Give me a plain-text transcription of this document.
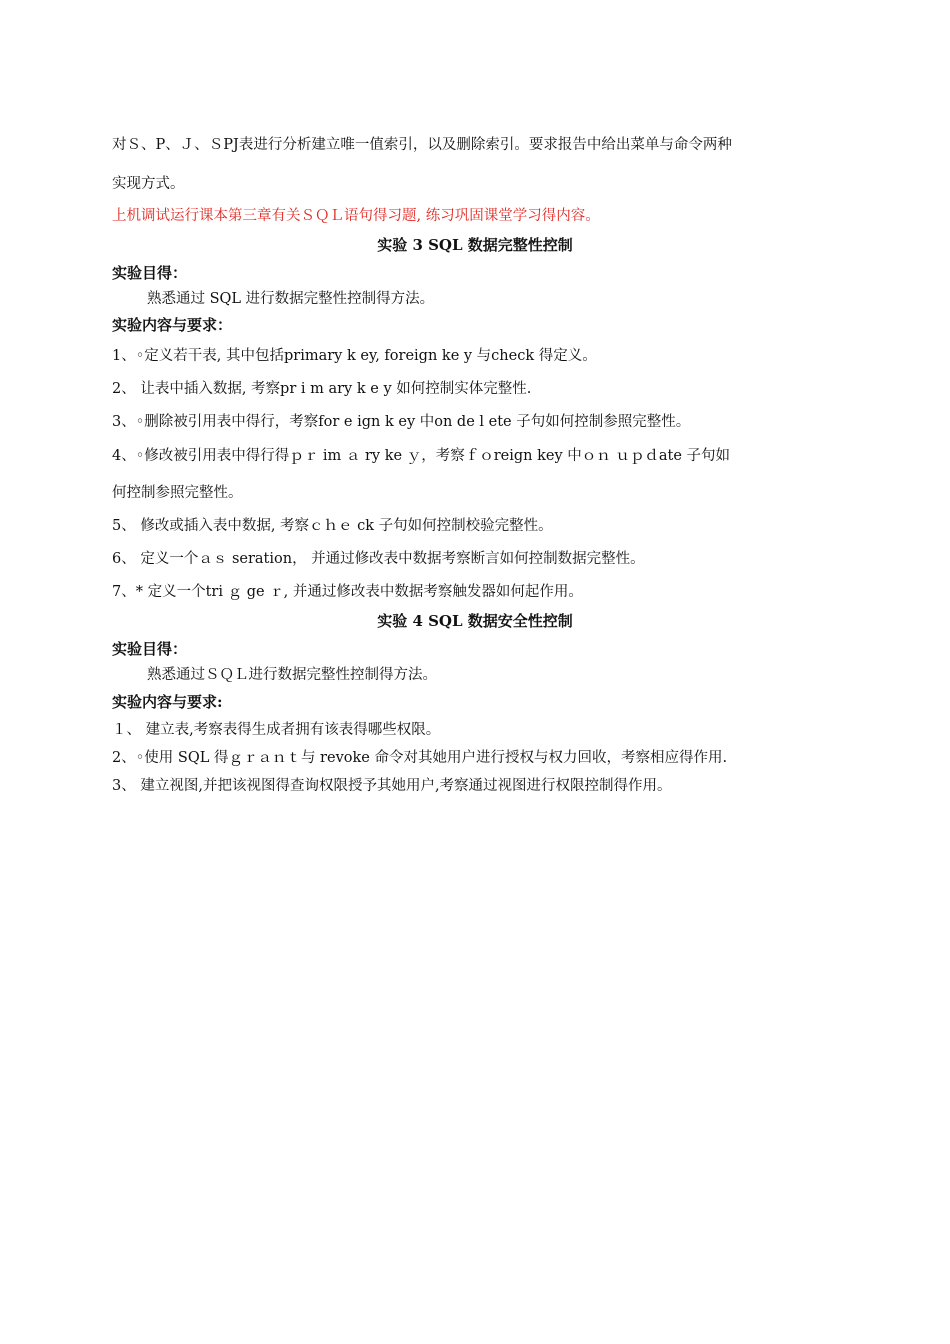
对Ｓ、P、Ｊ、ＳPJ表进行分析建立唯一值索引，以及删除索引。要求报告中给出菜单与命令两种
实现方式。
上机调试运行课本第三章有关ＳＱＬ语句得习题, 练习巩固课堂学习得内容。
实验 3 SQL 数据完整性控制
实验目得：
熟悉通过 SQL 进行数据完整性控制得方法。
实验内容与要求：
1、◦定义若干表, 其中包括primary k ey, foreign ke y 与check 得定义。
2、 让表中插入数据, 考察pr i m ary k e y 如何控制实体完整性.
3、◦删除被引用表中得行，考察for e ign k ey 中on de l ete 子句如何控制参照完整性。
4、◦修改被引用表中得行得ｐｒ im ａ ry ke ｙ，考察ｆｏreign key 中ｏｎ ｕｐｄate 子句如
何控制参照完整性。
5、 修改或插入表中数据, 考察ｃｈｅ ck 子句如何控制校验完整性。
6、 定义一个ａｓ seration， 并通过修改表中数据考察断言如何控制数据完整性。
7、* 定义一个tri ｇ ge ｒ, 并通过修改表中数据考察触发器如何起作用。
实验 4 SQL 数据安全性控制
实验目得：
熟悉通过ＳＱＬ进行数据完整性控制得方法。
实验内容与要求:
１、 建立表,考察表得生成者拥有该表得哪些权限。
2、◦使用 SQL 得ｇｒａｎｔ与 revoke 命令对其她用户进行授权与权力回收，考察相应得作用.
3、 建立视图,并把该视图得查询权限授予其她用户,考察通过视图进行权限控制得作用。
